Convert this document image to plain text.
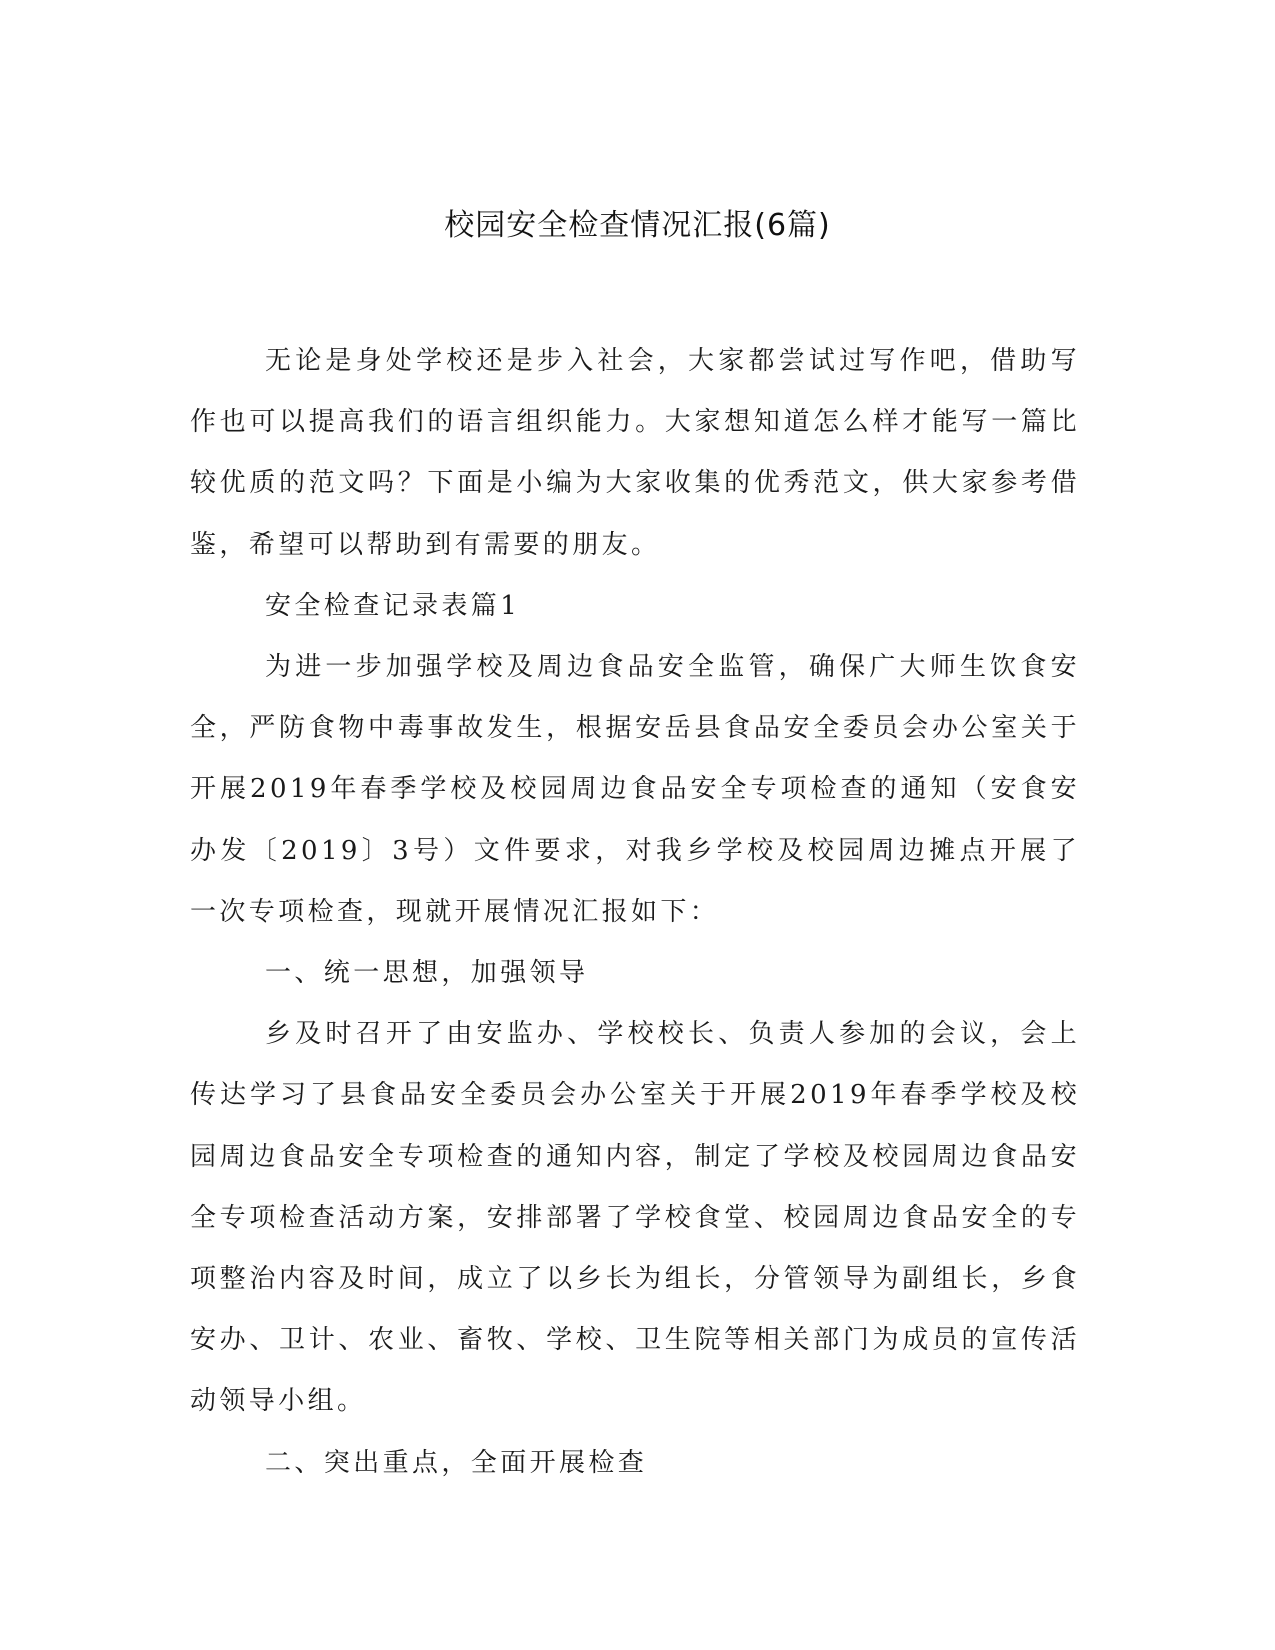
校园安全检查情况汇报(6篇)

无论是身处学校还是步入社会，大家都尝试过写作吧，借助写作也可以提高我们的语言组织能力。大家想知道怎么样才能写一篇比较优质的范文吗？下面是小编为大家收集的优秀范文，供大家参考借鉴，希望可以帮助到有需要的朋友。

安全检查记录表篇1

为进一步加强学校及周边食品安全监管，确保广大师生饮食安全，严防食物中毒事故发生，根据安岳县食品安全委员会办公室关于开展2019年春季学校及校园周边食品安全专项检查的通知（安食安办发〔2019〕3号）文件要求，对我乡学校及校园周边摊点开展了一次专项检查，现就开展情况汇报如下：

一、统一思想，加强领导

乡及时召开了由安监办、学校校长、负责人参加的会议，会上传达学习了县食品安全委员会办公室关于开展2019年春季学校及校园周边食品安全专项检查的通知内容，制定了学校及校园周边食品安全专项检查活动方案，安排部署了学校食堂、校园周边食品安全的专项整治内容及时间，成立了以乡长为组长，分管领导为副组长，乡食安办、卫计、农业、畜牧、学校、卫生院等相关部门为成员的宣传活动领导小组。

二、突出重点，全面开展检查
